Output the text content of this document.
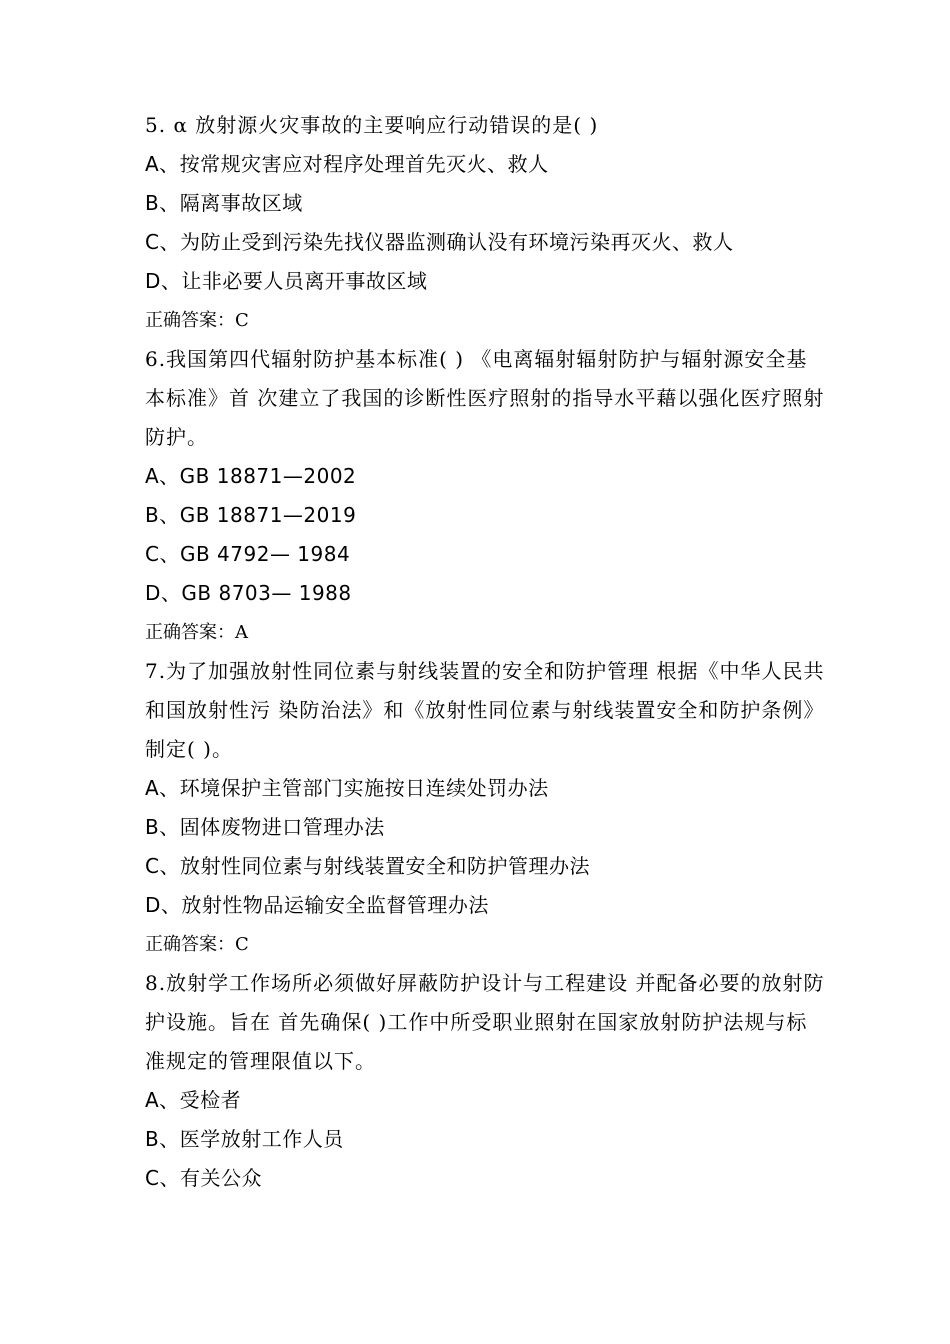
5. α 放射源火灾事故的主要响应行动错误的是( )

A、按常规灾害应对程序处理首先灭火、救人

B、隔离事故区域

C、为防止受到污染先找仪器监测确认没有环境污染再灭火、救人

D、让非必要人员离开事故区域

正确答案：C

6.我国第四代辐射防护基本标准( ) 《电离辐射辐射防护与辐射源安全基本标准》首 次建立了我国的诊断性医疗照射的指导水平藉以强化医疗照射防护。

A、GB 18871—2002

B、GB 18871—2019

C、GB 4792— 1984

D、GB 8703— 1988

正确答案：A

7.为了加强放射性同位素与射线装置的安全和防护管理 根据《中华人民共和国放射性污 染防治法》和《放射性同位素与射线装置安全和防护条例》制定( )。

A、环境保护主管部门实施按日连续处罚办法

B、固体废物进口管理办法

C、放射性同位素与射线装置安全和防护管理办法

D、放射性物品运输安全监督管理办法

正确答案：C

8.放射学工作场所必须做好屏蔽防护设计与工程建设 并配备必要的放射防护设施。旨在 首先确保( )工作中所受职业照射在国家放射防护法规与标准规定的管理限值以下。

A、受检者

B、医学放射工作人员

C、有关公众
